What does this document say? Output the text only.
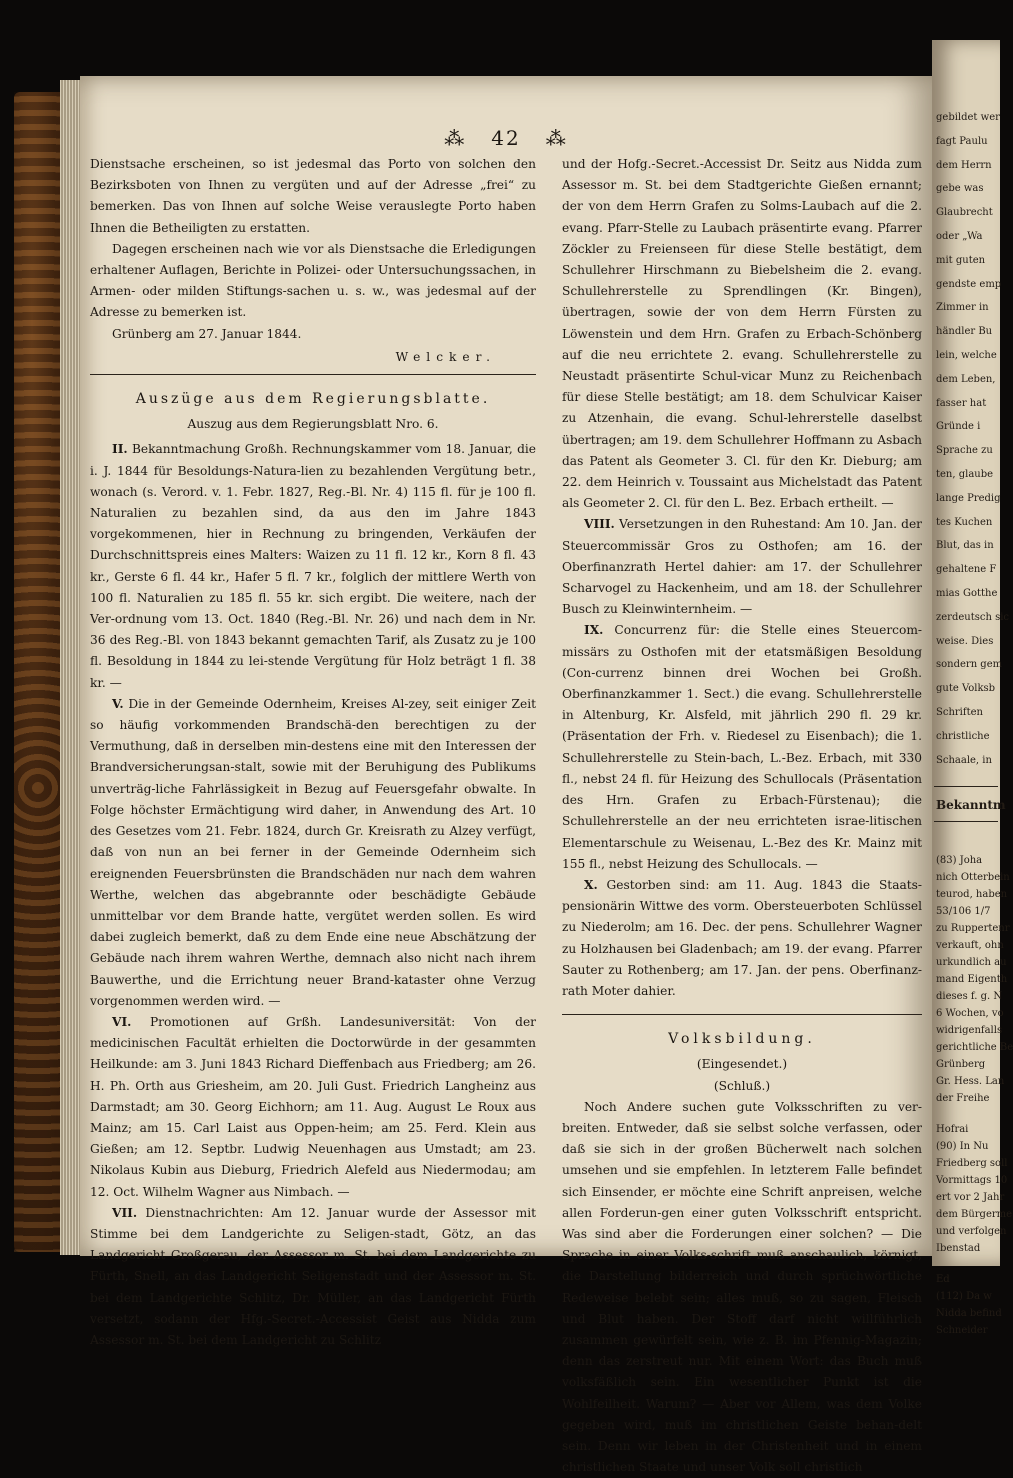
⁂ 42 ⁂

Dienstsache erscheinen, so ist jedesmal das Porto von solchen den Bezirksboten von Ihnen zu vergüten und auf der Adresse „frei“ zu bemerken. Das von Ihnen auf solche Weise verauslegte Porto haben Ihnen die Betheiligten zu erstatten.

Dagegen erscheinen nach wie vor als Dienstsache die Erledigungen erhaltener Auflagen, Berichte in Polizei- oder Untersuchungssachen, in Armen- oder milden Stiftungs-sachen u. s. w., was jedesmal auf der Adresse zu bemerken ist.

Grünberg am 27. Januar 1844.

Welcker.
Auszüge aus dem Regierungsblatte.
Auszug aus dem Regierungsblatt Nro. 6.

II. Bekanntmachung Großh. Rechnungskammer vom 18. Januar, die i. J. 1844 für Besoldungs-Natura-lien zu bezahlenden Vergütung betr., wonach (s. Verord. v. 1. Febr. 1827, Reg.-Bl. Nr. 4) 115 fl. für je 100 fl. Naturalien zu bezahlen sind, da aus den im Jahre 1843 vorgekommenen, hier in Rechnung zu bringenden, Verkäufen der Durchschnittspreis eines Malters: Waizen zu 11 fl. 12 kr., Korn 8 fl. 43 kr., Gerste 6 fl. 44 kr., Hafer 5 fl. 7 kr., folglich der mittlere Werth von 100 fl. Naturalien zu 185 fl. 55 kr. sich ergibt. Die weitere, nach der Ver-ordnung vom 13. Oct. 1840 (Reg.-Bl. Nr. 26) und nach dem in Nr. 36 des Reg.-Bl. von 1843 bekannt gemachten Tarif, als Zusatz zu je 100 fl. Besoldung in 1844 zu lei-stende Vergütung für Holz beträgt 1 fl. 38 kr. —

V. Die in der Gemeinde Odernheim, Kreises Al-zey, seit einiger Zeit so häufig vorkommenden Brandschä-den berechtigen zu der Vermuthung, daß in derselben min-destens eine mit den Interessen der Brandversicherungsan-stalt, sowie mit der Beruhigung des Publikums unverträg-liche Fahrlässigkeit in Bezug auf Feuersgefahr obwalte. In Folge höchster Ermächtigung wird daher, in Anwendung des Art. 10 des Gesetzes vom 21. Febr. 1824, durch Gr. Kreisrath zu Alzey verfügt, daß von nun an bei ferner in der Gemeinde Odernheim sich ereignenden Feuersbrünsten die Brandschäden nur nach dem wahren Werthe, welchen das abgebrannte oder beschädigte Gebäude unmittelbar vor dem Brande hatte, vergütet werden sollen. Es wird dabei zugleich bemerkt, daß zu dem Ende eine neue Abschätzung der Gebäude nach ihrem wahren Werthe, demnach also nicht nach ihrem Bauwerthe, und die Errichtung neuer Brand-kataster ohne Verzug vorgenommen werden wird. —

VI. Promotionen auf Grßh. Landesuniversität: Von der medicinischen Facultät erhielten die Doctorwürde in der gesammten Heilkunde: am 3. Juni 1843 Richard Dieffenbach aus Friedberg; am 26. H. Ph. Orth aus Griesheim, am 20. Juli Gust. Friedrich Langheinz aus Darmstadt; am 30. Georg Eichhorn; am 11. Aug. August Le Roux aus Mainz; am 15. Carl Laist aus Oppen-heim; am 25. Ferd. Klein aus Gießen; am 12. Septbr. Ludwig Neuenhagen aus Umstadt; am 23. Nikolaus Kubin aus Dieburg, Friedrich Alefeld aus Niedermodau; am 12. Oct. Wilhelm Wagner aus Nimbach. —

VII. Dienstnachrichten: Am 12. Januar wurde der Assessor mit Stimme bei dem Landgerichte zu Seligen-stadt, Götz, an das Landgericht Großgerau, der Assessor m. St. bei dem Landgerichte zu Fürth, Snell, an das Landgericht Seligenstadt und der Assessor m. St. bei dem Landgerichte Schlitz, Dr. Müller, an das Landgericht Fürth versetzt, sodann der Hfg.-Secret.-Accessist Geist aus Nidda zum Assessor m. St. bei dem Landgericht zu Schlitz

und der Hofg.-Secret.-Accessist Dr. Seitz aus Nidda zum Assessor m. St. bei dem Stadtgerichte Gießen ernannt; der von dem Herrn Grafen zu Solms-Laubach auf die 2. evang. Pfarr-Stelle zu Laubach präsentirte evang. Pfarrer Zöckler zu Freienseen für diese Stelle bestätigt, dem Schullehrer Hirschmann zu Biebelsheim die 2. evang. Schullehrerstelle zu Sprendlingen (Kr. Bingen), übertragen, sowie der von dem Herrn Fürsten zu Löwenstein und dem Hrn. Grafen zu Erbach-Schönberg auf die neu errichtete 2. evang. Schullehrerstelle zu Neustadt präsentirte Schul-vicar Munz zu Reichenbach für diese Stelle bestätigt; am 18. dem Schulvicar Kaiser zu Atzenhain, die evang. Schul-lehrerstelle daselbst übertragen; am 19. dem Schullehrer Hoffmann zu Asbach das Patent als Geometer 3. Cl. für den Kr. Dieburg; am 22. dem Heinrich v. Toussaint aus Michelstadt das Patent als Geometer 2. Cl. für den L. Bez. Erbach ertheilt. —

VIII. Versetzungen in den Ruhestand: Am 10. Jan. der Steuercommissär Gros zu Osthofen; am 16. der Oberfinanzrath Hertel dahier: am 17. der Schullehrer Scharvogel zu Hackenheim, und am 18. der Schullehrer Busch zu Kleinwinternheim. —

IX. Concurrenz für: die Stelle eines Steuercom-missärs zu Osthofen mit der etatsmäßigen Besoldung (Con-currenz binnen drei Wochen bei Großh. Oberfinanzkammer 1. Sect.) die evang. Schullehrerstelle in Altenburg, Kr. Alsfeld, mit jährlich 290 fl. 29 kr. (Präsentation der Frh. v. Riedesel zu Eisenbach); die 1. Schullehrerstelle zu Stein-bach, L.-Bez. Erbach, mit 330 fl., nebst 24 fl. für Heizung des Schullocals (Präsentation des Hrn. Grafen zu Erbach-Fürstenau); die Schullehrerstelle an der neu errichteten israe-litischen Elementarschule zu Weisenau, L.-Bez des Kr. Mainz mit 155 fl., nebst Heizung des Schullocals. —

X. Gestorben sind: am 11. Aug. 1843 die Staats-pensionärin Wittwe des vorm. Obersteuerboten Schlüssel zu Niederolm; am 16. Dec. der pens. Schullehrer Wagner zu Holzhausen bei Gladenbach; am 19. der evang. Pfarrer Sauter zu Rothenberg; am 17. Jan. der pens. Oberfinanz-rath Moter dahier.

Volksbildung.
(Eingesendet.)
(Schluß.)

Noch Andere suchen gute Volksschriften zu ver-breiten. Entweder, daß sie selbst solche verfassen, oder daß sie sich in der großen Bücherwelt nach solchen umsehen und sie empfehlen. In letzterem Falle befindet sich Einsender, er möchte eine Schrift anpreisen, welche allen Forderun-gen einer guten Volksschrift entspricht. Was sind aber die Forderungen einer solchen? — Die Sprache in einer Volks-schrift muß anschaulich, körnigt, die Darstellung bilderreich und durch sprüchwörtliche Redeweise belebt sein; alles muß, so zu sagen, Fleisch und Blut haben. Der Stoff darf nicht willführlich zusammen gewürfelt sein, wie z. B. im Pfennig-Magazin; denn das zerstreut nur. Mit einem Wort: das Buch muß volksfäßlich sein. Ein wesentlicher Punkt ist die Wohlfeilheit. Warum? — Aber vor Allem, was dem Volke gegeben wird, muß im christlichen Geiste behan-delt sein. Denn wir leben in der Christenheit und in einem christlichen Staate und unser Volk soll christlich

gebildet wer
fagt Paulu
dem Herrn
gebe was
Glaubrecht
oder „Wa
mit guten
gendste emp
Zimmer in
händler Bu
lein, welche
dem Leben,
fasser hat
Gründe i
Sprache zu
ten, glaube
lange Predig
tes Kuchen
Blut, das in
gehaltene F
mias Gotthe
zerdeutsch sic
weise. Dies
sondern gem
gute Volksb
Schriften
christliche
Schaale, in
Bekanntm
(83) Joha
nich Otterbein
teurod, haben
53/106 1/7
zu Ruppertenr
verkauft, ohn
urkundlich au
mand Eigenth
dieses f. g. N
6 Wochen, vo
widrigenfalls
gerichtliche Be
Grünberg
Gr. Hess. Lan
der Freihe
Hofrai
(90) In Nu
Friedberg soll
Vormittags 10
ert vor 2 Jahr
dem Bürgerme
und verfolgen
Ibenstad
Ed
(112) Da w
Nidda befind
Schneider
